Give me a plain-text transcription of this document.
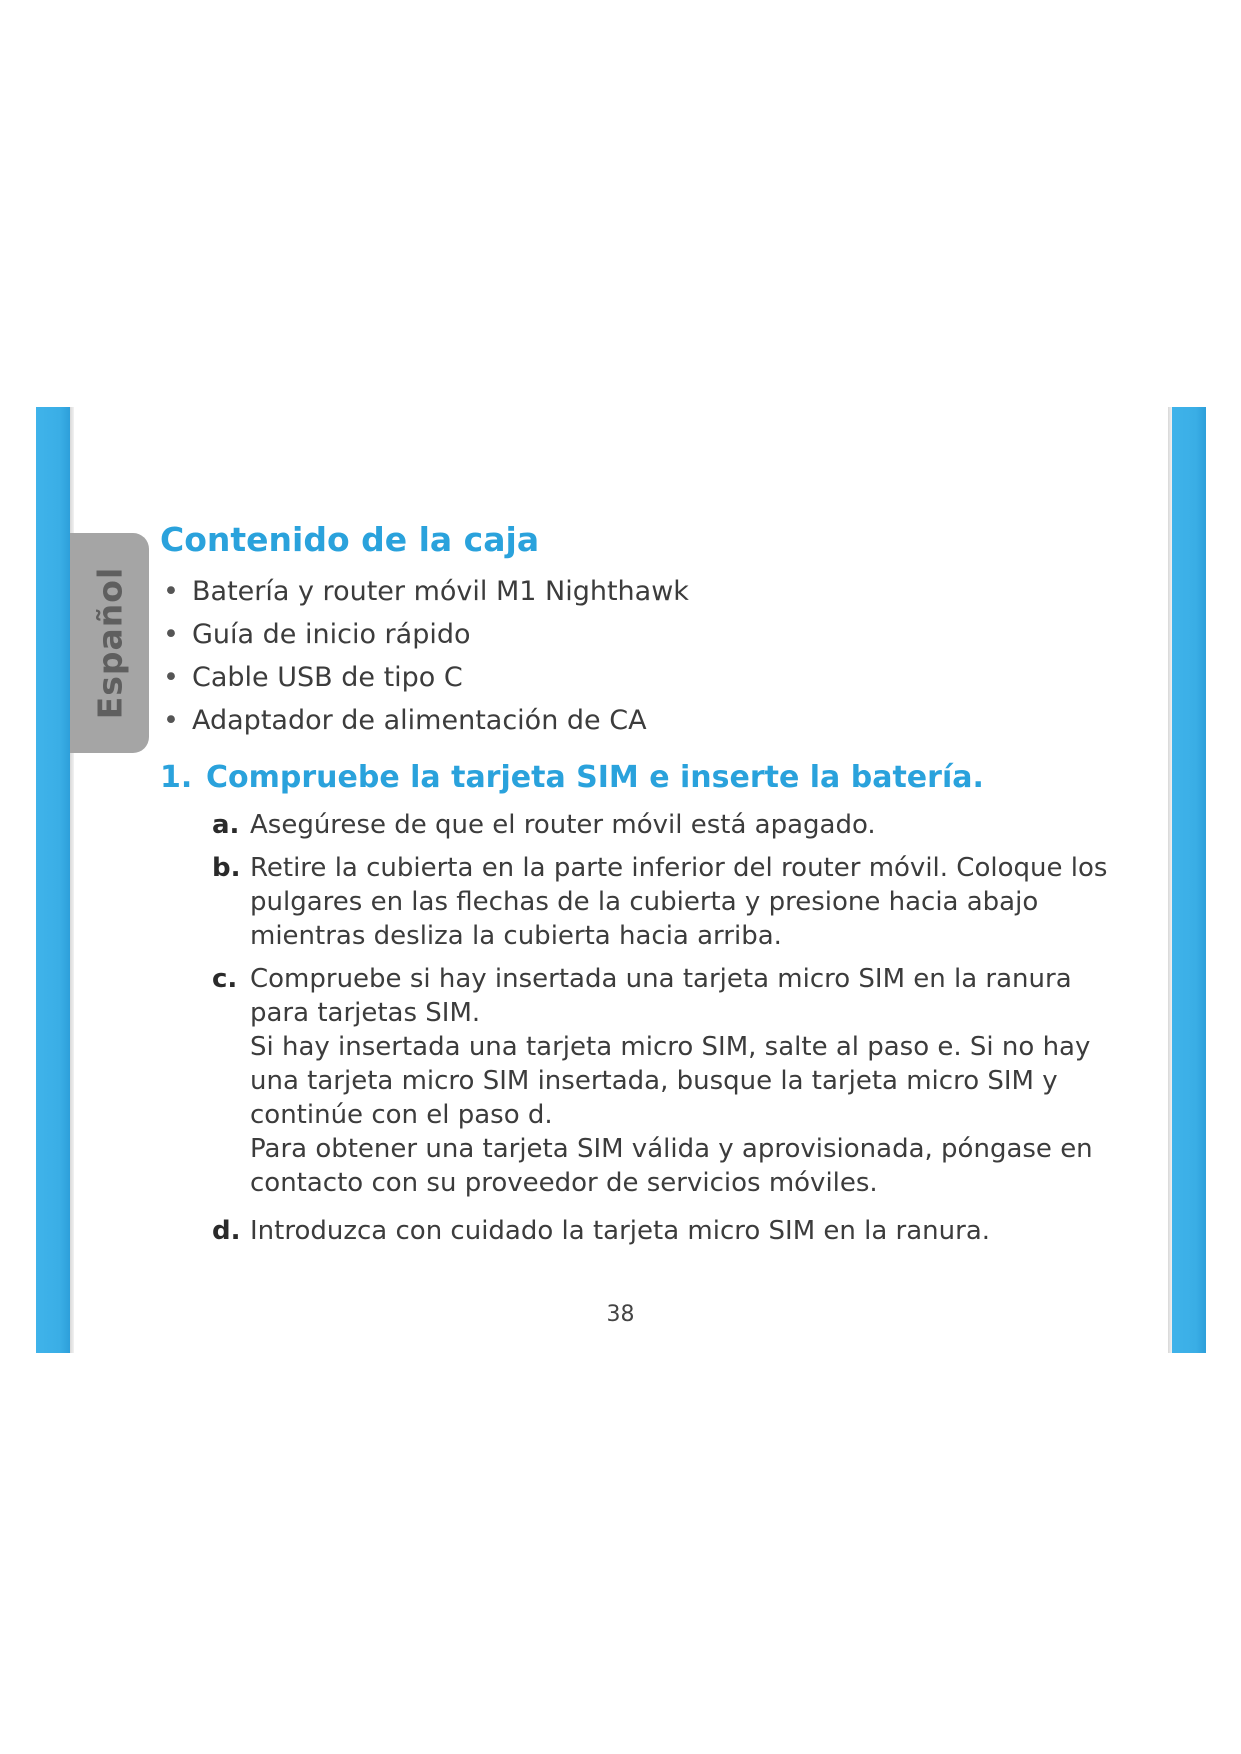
Español
Contenido de la caja
• Batería y router móvil M1 Nighthawk
• Guía de inicio rápido
• Cable USB de tipo C
• Adaptador de alimentación de CA
1. Compruebe la tarjeta SIM e inserte la batería.
a. Asegúrese de que el router móvil está apagado.

b. Retire la cubierta en la parte inferior del router móvil. Coloque los pulgares en las flechas de la cubierta y presione hacia abajo mientras desliza la cubierta hacia arriba.

c. Compruebe si hay insertada una tarjeta micro SIM en la ranura para tarjetas SIM.

Si hay insertada una tarjeta micro SIM, salte al paso e. Si no hay una tarjeta micro SIM insertada, busque la tarjeta micro SIM y continúe con el paso d.

Para obtener una tarjeta SIM válida y aprovisionada, póngase en contacto con su proveedor de servicios móviles.

d. Introduzca con cuidado la tarjeta micro SIM en la ranura.

38
